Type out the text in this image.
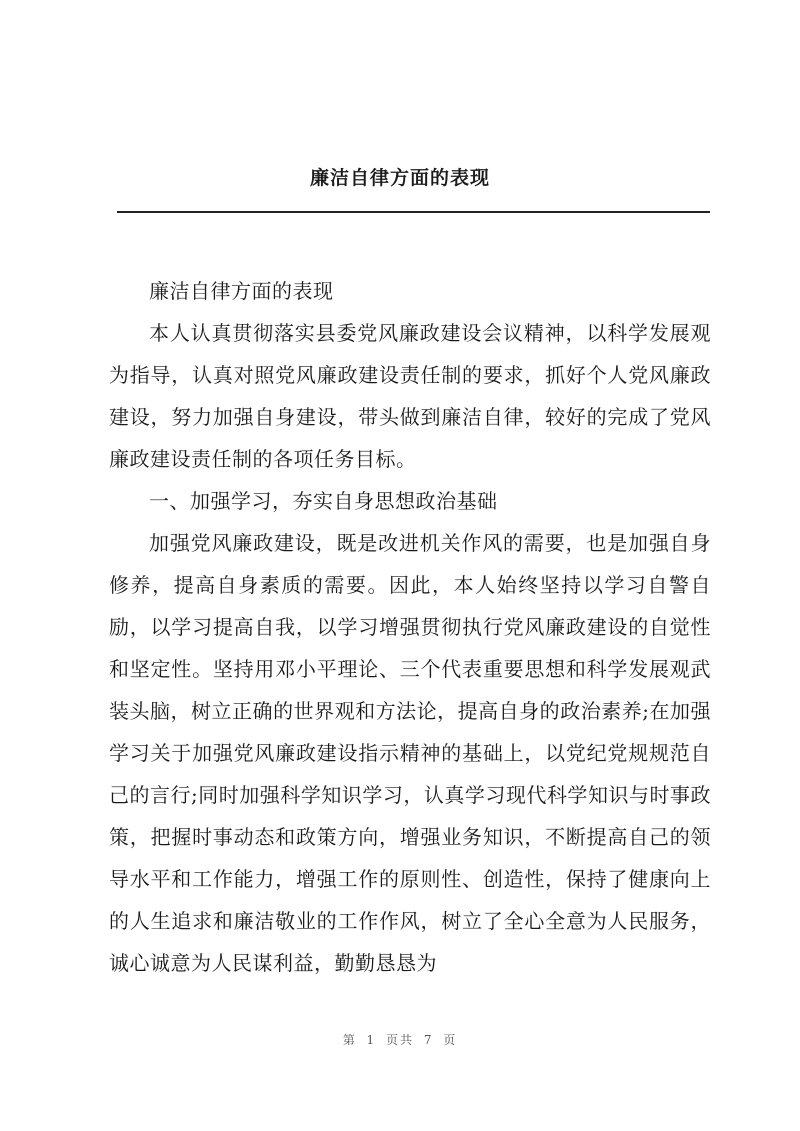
廉洁自律方面的表现

廉洁自律方面的表现

本人认真贯彻落实县委党风廉政建设会议精神，以科学发展观为指导，认真对照党风廉政建设责任制的要求，抓好个人党风廉政建设，努力加强自身建设，带头做到廉洁自律，较好的完成了党风廉政建设责任制的各项任务目标。

一、加强学习，夯实自身思想政治基础

加强党风廉政建设，既是改进机关作风的需要，也是加强自身修养，提高自身素质的需要。因此，本人始终坚持以学习自警自励，以学习提高自我，以学习增强贯彻执行党风廉政建设的自觉性和坚定性。坚持用邓小平理论、三个代表重要思想和科学发展观武装头脑，树立正确的世界观和方法论，提高自身的政治素养;在加强学习关于加强党风廉政建设指示精神的基础上，以党纪党规规范自己的言行;同时加强科学知识学习，认真学习现代科学知识与时事政策，把握时事动态和政策方向，增强业务知识，不断提高自己的领导水平和工作能力，增强工作的原则性、创造性，保持了健康向上的人生追求和廉洁敬业的工作作风，树立了全心全意为人民服务，诚心诚意为人民谋利益，勤勤恳恳为

第 1 页共 7 页
